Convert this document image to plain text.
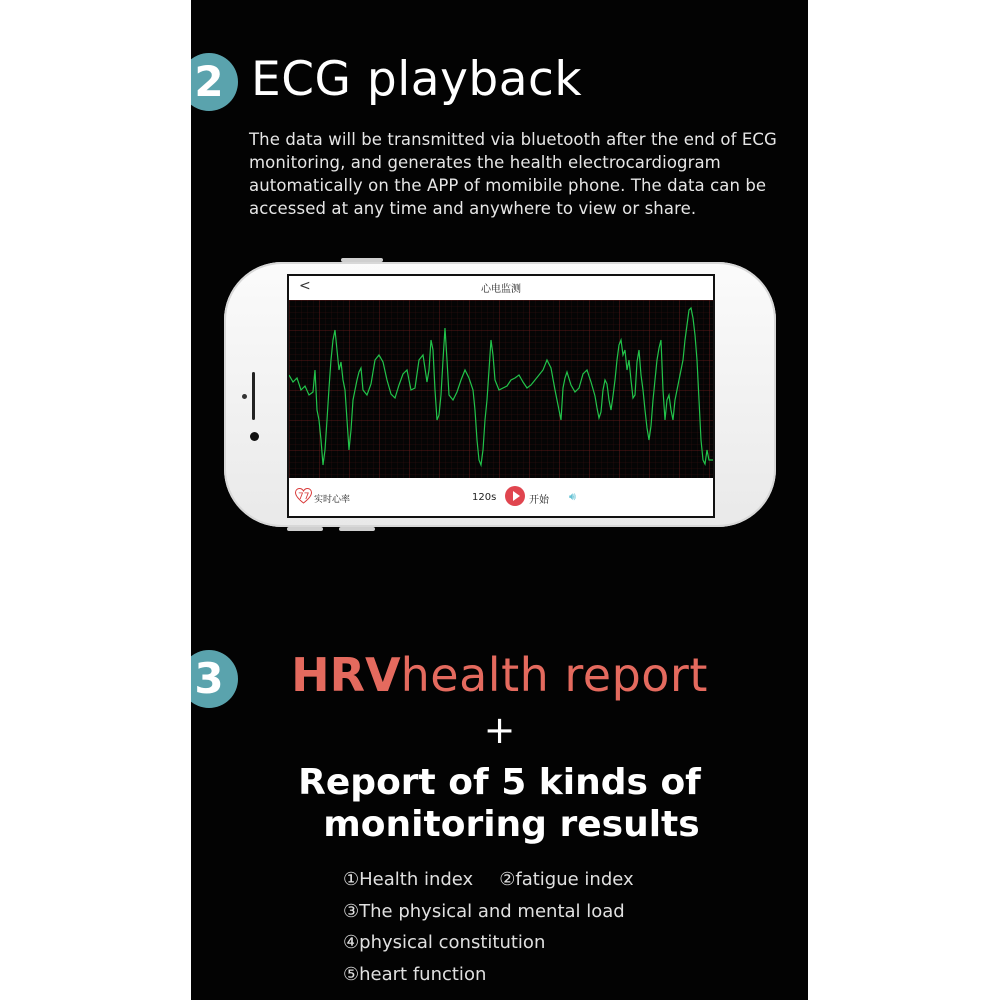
2 ECG playback
The data will be transmitted via bluetooth after the end of ECG monitoring, and generates the health electrocardiogram automatically on the APP of momibile phone. The data can be accessed at any time and anywhere to view or share.
<	心电监测
77 实时心率	120s	开始 🔊︎
3	HRVhealth report
+
Report of 5 kinds of
monitoring results
①Health index ②fatigue index
③The physical and mental load
④physical constitution
⑤heart function
